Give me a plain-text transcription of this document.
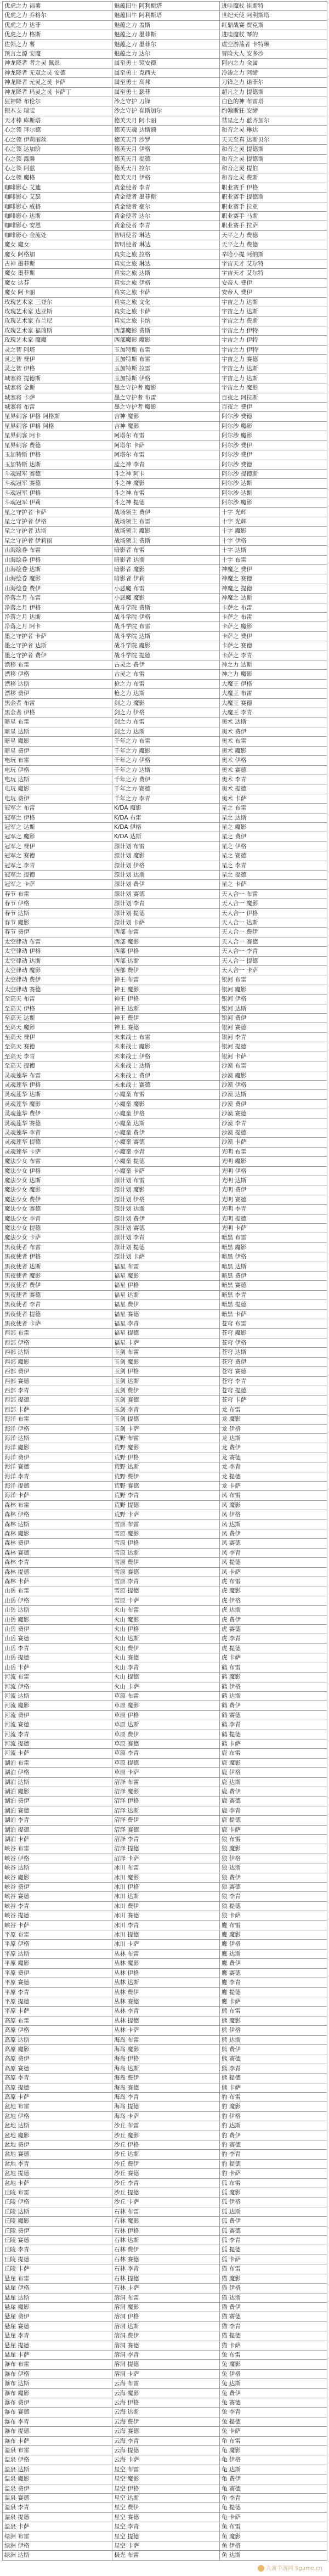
优虎之力 福薯	魅蕴旧牛 阿利斯塔	进哇魔杖 崔斯特
优虎之力 乔格尔	魅蕴旧牛 阿利斯塔	世纪天使 阿利斯塔
优虎之力 达菲	魅蕴之力 盖斯	红鼎战赛 贾克斯
优虎之力 格斯	魅蕴之力 墨菲斯	进哇魔杖 琴的
佐领之力 薯	魅蕴之力 墨菲尔	虚空游荡者 卡特琳
预言之源 安魔	魅蕴之力 达尔	冒险大人 安多沙
神龙降者 者之灵 佩恩	属至勇士 镜安德	阿内之力 金属
神龙降者 无双之灵 安德	属至勇士 克西夫	冷渗之力 阿缔
神龙降者 元灵之灵 卡萨	属至勇士 高邦	刀锋之力 诺菲尔
神龙降者 玛灵之灵 卡萨丁	属至勇士 瑟菲	超凡之力 提德斯
狂神降 布伦尔	沙之守护 刀锋	白色的神 布雷塔
狸木支 瑞雯	沙之守护 崔斯加尔	约翰斯狂 安缔
天才棒 库斯塔	德芙天月 阿卡丽	彗星之力 蓝齐加尔
心之领 拜尔德	德芙天魂 达斯顿	和音之灵 琳达
心之领 伊莉丽丝	德芙天月 沙罗	天天至真 达斯贝尔
心之领 达加阶	德芙天月 伊格	和音之灵 提德斯
心之领 露馨	德芙天月 提德	和音之灵 提德斯
心之领 阿兹	德芙天月 拉尔	和音之灵 提伯
心之领 魔格	德芙天月 伊格	和音之灵 费斯
咖啡影心 艾迪	黄金使者 李青	职业赛手 伊格
咖啡影心 艾瑟	黄金使者 墨菲斯	职业赛手 提德斯
咖啡影心 威格	黄金使者 豪尔	职业赛手 拉亚
咖啡影心 达斯	黄金使者 达尔	职业赛手 马斯
咖啡影心 安恩	黄金使者 李青	职业赛手 拉萨
咖啡影心 金流处	智明使者 琳达	天平之力 费德
魔女 魔女	智明使者 琳达	天平之力 费德
魔女 阿格加	真实之旅 拉格	辛哈小提 阿纳斯
古神 墨菲斯	真实之旅 琳达	宇宙天才 艾尔特
魔女 墨菲斯	真实之旅 达斯	宇宙天才 艾尔特
魔女 达芬	真实之旅 伊格	安帝人 费伊
魔女 阿卡丽	真实之旅 卡萨	安帝人 费伊
玫瑰艺术家 三登尔	真实之旅 文化	宇宙之力 达斯
玫瑰艺术家 达亚斯	真实之旅 卡萨	宇宙之力 达斯
玫瑰艺术家 布兰尼	真实之旅 卡纳	宇宙之力 费斯
玫瑰艺术家 福瑞斯	西部魔影 费斯	宇宙之力 伊特
玫瑰艺术家 魔魔	西部魔影 魔影	宇宙之力 伊特
灵之智 阿塔	玉加特斯 布雷	宇宙之力 伊特
灵之智 费伊	玉加特斯 布雷	宇宙之力 赛德
灵之智 伊格	玉加特斯 拉雷	宇宙之力 达斯
城塞将 提德斯	玉加特斯 伊格	宇宙之力 达斯
城塞将 金斯	墨之守护者 魔影	宇宙之力 魔影
城塞将 卡萨	墨之守护者 布雷	百夜之 阿拉斯
城塞将 布雷	墨之守护者 魔影	百夜之 费伊
星界刺客 伊格 阿格斯	吉神 魔影	阿尔沙 费德
星界刺客 伊格 阿格	吉神 魔影	阿尔沙 魔影
星界刺客 阿卡	阿塔尔 布雷	阿尔沙 魔影
星界刺客 费德	阿塔尔 卡萨	阿尔沙 费伊
玉加特斯 伊格	阿塔尔 布雷	阿尔沙 费伊
玉加特斯 达斯	蓝之神 李青	阿尔沙 费德
斗魂冠军 赛德	斗之神 阿卡	阿尔沙 提德斯
斗魂冠军 赛德	斗之神 魔影	阿尔沙 达斯
斗魂冠军 伊格	斗之神 布雷	阿尔沙 达斯
斗魂冠军 伊莉	斗之神 提德	阿尔沙 魔影
星之守护者 卡萨	战场领主 费伊	十字 光辉
星之守护者 伊格	战场领主 布雷	十字 光辉
星之守护者 达斯	战场领主 魔影	十字 魔影
星之守护者 伊莉丽	战场领主 费斯	十字 伊格
山海绘卷 布雷	暗影者 布雷	十字 达斯
山海绘卷 伊格	暗影者 达斯	十字 布雷
山海绘卷 达斯	暗影者 魔影	神魔之 费伊
山海绘卷 魔影	暗影者 伊莉	神魔之 赛德
山海绘卷 费伊	小恶魔 布雷	神魔之 提德
净落之月 布雷	小恶魔 魔影	神魔之 达斯
净落之月 伊格	战斗学院 费斯	卡萨之 布雷
净落之月 达斯	战斗学院 伊格	卡萨之 布雷
净落之月 阿卡	战斗学院 布雷	卡萨之 魔影
墨之守护者 卡萨	战斗学院 达斯	卡萨之 费伊
墨之守护者 达斯	战斗学院 魔影	卡萨之 赛德
墨之守护者 费伊	战斗学院 提德	卡萨之 李青
漂移 布雷	古灵之 费伊	神之力 达斯
漂移 伊格	古灵之 布雷	神之力 魔影
漂移 达斯	枪之力 布雷	大魔王 伊格
漂移 费伊	枪之力 达斯	大魔王 布雷
黑金者 布雷	剑之力 魔影	大魔王 赛德
黑金者 伊格	剑之力 伊格	大魔王 李青
暗星 布雷	剑之力 布雷	奥术 达斯
暗星 达斯	剑之力 达斯	奥术 费伊
暗星 魔影	千年之力 布雷	奥术 布雷
暗星 费伊	千年之力 魔影	奥术 魔影
电玩 布雷	千年之力 伊格	奥术 伊格
电玩 伊格	千年之力 达斯	奥术 赛德
电玩 达斯	千年之力 费伊	奥术 李青
电玩 魔影	千年之力 赛德	奥术 提德
电玩 费伊	千年之力 李青	奥术 卡萨
冠军之 布雷	K/DA 魔影	星之 布雷
冠军之 伊格	K/DA 布雷	星之 达斯
冠军之 达斯	K/DA 伊格	星之 魔影
冠军之 魔影	K/DA 达斯	星之 费伊
冠军之 费伊	源计划 布雷	星之 伊格
冠军之 赛德	源计划 魔影	星之 赛德
冠军之 李青	源计划 伊格	星之 李青
冠军之 提德	源计划 达斯	星之 提德
冠军之 卡萨	源计划 费伊	星之 卡萨
春节 布雷	源计划 赛德	天人合一 布雷
春节 伊格	源计划 李青	天人合一 魔影
春节 达斯	源计划 提德	天人合一 伊格
春节 魔影	源计划 卡萨	天人合一 达斯
春节 费伊	西部 布雷	天人合一 费伊
太空律动 布雷	西部 魔影	天人合一 赛德
太空律动 伊格	西部 伊格	天人合一 李青
太空律动 达斯	西部 达斯	天人合一 提德
太空律动 魔影	西部 费伊	天人合一 卡萨
太空律动 费伊	神王 布雷	银河 布雷
太空律动 赛德	神王 魔影	银河 魔影
至高天 布雷	神王 伊格	银河 伊格
至高天 伊格	神王 达斯	银河 达斯
至高天 达斯	神王 费伊	银河 费伊
至高天 魔影	神王 赛德	银河 赛德
至高天 费伊	未来战士 布雷	银河 李青
至高天 赛德	未来战士 魔影	银河 提德
至高天 李青	未来战士 伊格	银河 卡萨
至高天 提德	未来战士 达斯	沙漠 布雷
灵魂莲华 布雷	未来战士 费伊	沙漠 魔影
灵魂莲华 伊格	未来战士 赛德	沙漠 伊格
灵魂莲华 达斯	小魔童 布雷	沙漠 达斯
灵魂莲华 魔影	小魔童 魔影	沙漠 费伊
灵魂莲华 费伊	小魔童 伊格	沙漠 赛德
灵魂莲华 赛德	小魔童 达斯	沙漠 李青
灵魂莲华 李青	小魔童 费伊	沙漠 提德
灵魂莲华 提德	小魔童 赛德	沙漠 卡萨
灵魂莲华 卡萨	小魔童 李青	光明 布雷
魔法少女 布雷	小魔童 提德	光明 魔影
魔法少女 伊格	小魔童 卡萨	光明 伊格
魔法少女 达斯	源计划 布雷	光明 达斯
魔法少女 魔影	源计划 魔影	光明 费伊
魔法少女 费伊	源计划 伊格	光明 赛德
魔法少女 赛德	源计划 达斯	光明 李青
魔法少女 李青	源计划 费伊	光明 提德
魔法少女 提德	源计划 赛德	光明 卡萨
魔法少女 卡萨	源计划 李青	暗黑 布雷
黑夜使者 布雷	源计划 提德	暗黑 魔影
黑夜使者 伊格	源计划 卡萨	暗黑 伊格
黑夜使者 达斯	福星 布雷	暗黑 达斯
黑夜使者 魔影	福星 魔影	暗黑 费伊
黑夜使者 费伊	福星 伊格	暗黑 赛德
黑夜使者 赛德	福星 达斯	暗黑 李青
黑夜使者 李青	福星 费伊	暗黑 提德
黑夜使者 提德	福星 赛德	暗黑 卡萨
黑夜使者 卡萨	福星 李青	苍穹 布雷
西部 布雷	福星 提德	苍穹 魔影
西部 伊格	福星 卡萨	苍穹 伊格
西部 达斯	玉剑 布雷	苍穹 达斯
西部 魔影	玉剑 魔影	苍穹 费伊
西部 费伊	玉剑 伊格	苍穹 赛德
西部 赛德	玉剑 达斯	苍穹 李青
西部 李青	玉剑 费伊	苍穹 提德
西部 提德	玉剑 赛德	苍穹 卡萨
西部 卡萨	玉剑 李青	龙 布雷
海洋 布雷	玉剑 提德	龙 魔影
海洋 伊格	玉剑 卡萨	龙 伊格
海洋 达斯	荒野 布雷	龙 达斯
海洋 魔影	荒野 魔影	龙 费伊
海洋 费伊	荒野 伊格	龙 赛德
海洋 赛德	荒野 达斯	龙 李青
海洋 李青	荒野 费伊	龙 提德
海洋 提德	荒野 赛德	龙 卡萨
海洋 卡萨	荒野 李青	凤 布雷
森林 布雷	荒野 提德	凤 魔影
森林 伊格	荒野 卡萨	凤 伊格
森林 达斯	雪原 布雷	凤 达斯
森林 魔影	雪原 魔影	凤 费伊
森林 费伊	雪原 伊格	凤 赛德
森林 赛德	雪原 达斯	凤 李青
森林 李青	雪原 费伊	凤 提德
森林 提德	雪原 赛德	凤 卡萨
森林 卡萨	雪原 李青	虎 布雷
山岳 布雷	雪原 提德	虎 魔影
山岳 伊格	雪原 卡萨	虎 伊格
山岳 达斯	火山 布雷	虎 达斯
山岳 魔影	火山 魔影	虎 费伊
山岳 费伊	火山 伊格	虎 赛德
山岳 赛德	火山 达斯	虎 李青
山岳 李青	火山 费伊	虎 提德
山岳 提德	火山 赛德	虎 卡萨
山岳 卡萨	火山 李青	鹤 布雷
河流 布雷	火山 提德	鹤 魔影
河流 伊格	火山 卡萨	鹤 伊格
河流 达斯	草原 布雷	鹤 达斯
河流 魔影	草原 魔影	鹤 费伊
河流 费伊	草原 伊格	鹤 赛德
河流 赛德	草原 达斯	鹤 李青
河流 李青	草原 费伊	鹤 提德
河流 提德	草原 赛德	鹤 卡萨
河流 卡萨	草原 李青	鹿 布雷
湖泊 布雷	草原 提德	鹿 魔影
湖泊 伊格	草原 卡萨	鹿 伊格
湖泊 达斯	沼泽 布雷	鹿 达斯
湖泊 魔影	沼泽 魔影	鹿 费伊
湖泊 费伊	沼泽 伊格	鹿 赛德
湖泊 赛德	沼泽 达斯	鹿 李青
湖泊 李青	沼泽 费伊	鹿 提德
湖泊 提德	沼泽 赛德	鹿 卡萨
湖泊 卡萨	沼泽 李青	狼 布雷
峡谷 布雷	沼泽 提德	狼 魔影
峡谷 伊格	沼泽 卡萨	狼 伊格
峡谷 达斯	冰川 布雷	狼 达斯
峡谷 魔影	冰川 魔影	狼 费伊
峡谷 费伊	冰川 伊格	狼 赛德
峡谷 赛德	冰川 达斯	狼 李青
峡谷 李青	冰川 费伊	狼 提德
峡谷 提德	冰川 赛德	狼 卡萨
峡谷 卡萨	冰川 李青	鹰 布雷
平原 布雷	冰川 提德	鹰 魔影
平原 伊格	冰川 卡萨	鹰 伊格
平原 达斯	丛林 布雷	鹰 达斯
平原 魔影	丛林 魔影	鹰 费伊
平原 费伊	丛林 伊格	鹰 赛德
平原 赛德	丛林 达斯	鹰 李青
平原 李青	丛林 费伊	鹰 提德
平原 提德	丛林 赛德	鹰 卡萨
平原 卡萨	丛林 李青	熊 布雷
高原 布雷	丛林 提德	熊 魔影
高原 伊格	丛林 卡萨	熊 伊格
高原 达斯	海岛 布雷	熊 达斯
高原 魔影	海岛 魔影	熊 费伊
高原 费伊	海岛 伊格	熊 赛德
高原 赛德	海岛 达斯	熊 李青
高原 李青	海岛 费伊	熊 提德
高原 提德	海岛 赛德	熊 卡萨
高原 卡萨	海岛 李青	豹 布雷
盆地 布雷	海岛 提德	豹 魔影
盆地 伊格	海岛 卡萨	豹 伊格
盆地 达斯	沙丘 布雷	豹 达斯
盆地 魔影	沙丘 魔影	豹 费伊
盆地 费伊	沙丘 伊格	豹 赛德
盆地 赛德	沙丘 达斯	豹 李青
盆地 李青	沙丘 费伊	豹 提德
盆地 提德	沙丘 赛德	豹 卡萨
盆地 卡萨	沙丘 李青	狐 布雷
丘陵 布雷	沙丘 提德	狐 魔影
丘陵 伊格	沙丘 卡萨	狐 伊格
丘陵 达斯	石林 布雷	狐 达斯
丘陵 魔影	石林 魔影	狐 费伊
丘陵 费伊	石林 伊格	狐 赛德
丘陵 赛德	石林 达斯	狐 李青
丘陵 李青	石林 费伊	狐 提德
丘陵 提德	石林 赛德	狐 卡萨
丘陵 卡萨	石林 李青	猫 布雷
悬崖 布雷	石林 提德	猫 魔影
悬崖 伊格	石林 卡萨	猫 伊格
悬崖 达斯	溶洞 布雷	猫 达斯
悬崖 魔影	溶洞 魔影	猫 费伊
悬崖 费伊	溶洞 伊格	猫 赛德
悬崖 赛德	溶洞 达斯	猫 李青
悬崖 李青	溶洞 费伊	猫 提德
悬崖 提德	溶洞 赛德	猫 卡萨
悬崖 卡萨	溶洞 李青	兔 布雷
瀑布 布雷	溶洞 提德	兔 魔影
瀑布 伊格	溶洞 卡萨	兔 伊格
瀑布 达斯	云海 布雷	兔 达斯
瀑布 魔影	云海 魔影	兔 费伊
瀑布 费伊	云海 伊格	兔 赛德
瀑布 赛德	云海 达斯	兔 李青
瀑布 李青	云海 费伊	兔 提德
瀑布 提德	云海 赛德	兔 卡萨
瀑布 卡萨	云海 李青	龟 布雷
温泉 布雷	云海 提德	龟 魔影
温泉 伊格	云海 卡萨	龟 伊格
温泉 达斯	星空 布雷	龟 达斯
温泉 魔影	星空 魔影	龟 费伊
温泉 费伊	星空 伊格	龟 赛德
温泉 赛德	星空 达斯	龟 李青
温泉 李青	星空 费伊	龟 提德
温泉 提德	星空 赛德	龟 卡萨
温泉 卡萨	星空 李青	鱼 布雷
绿洲 布雷	星空 提德	鱼 魔影
绿洲 伊格	星空 卡萨	鱼 伊格
绿洲 达斯	极光 布雷	鱼 达斯
九游手游网 9game.cn
